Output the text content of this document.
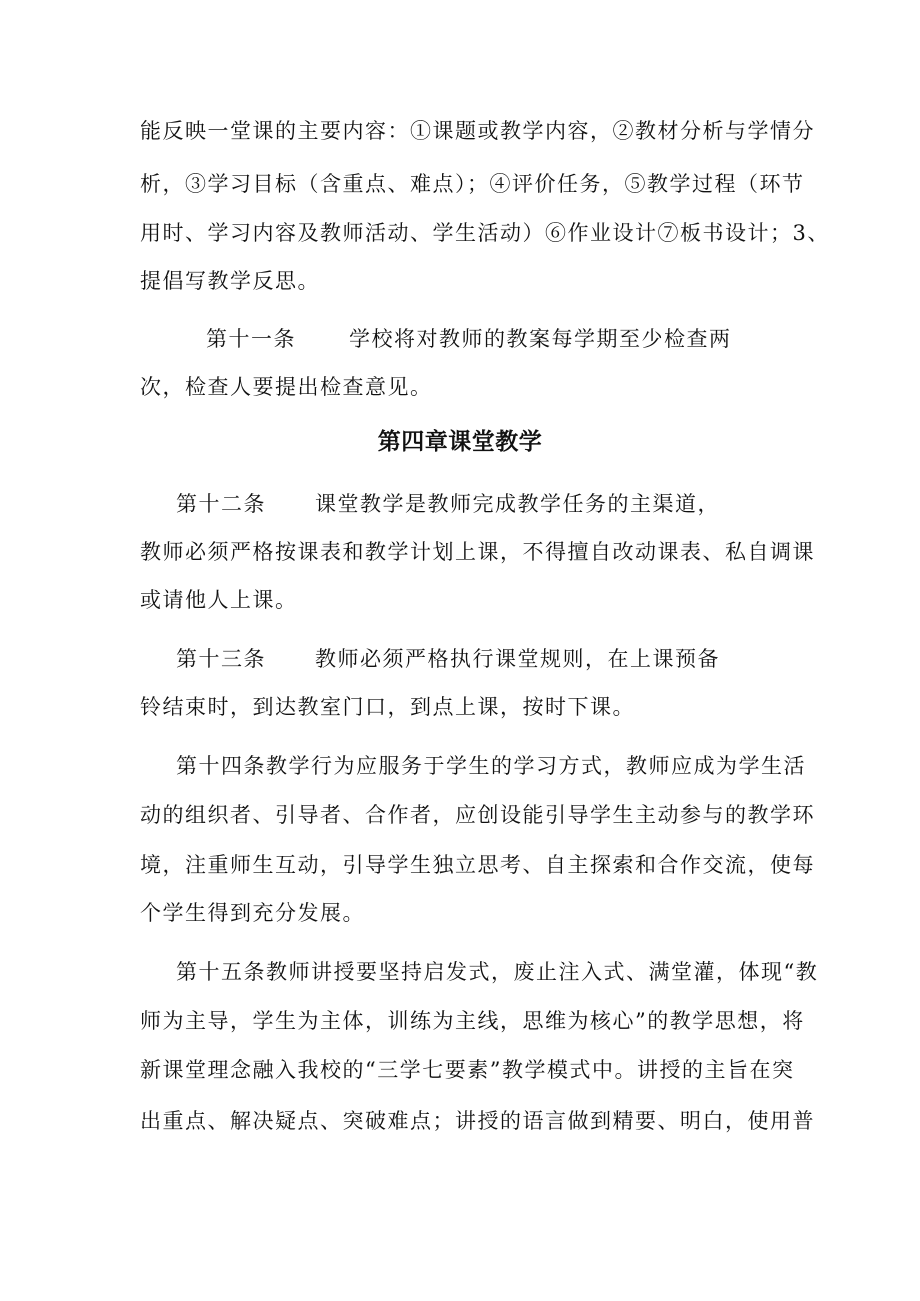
能反映一堂课的主要内容：①课题或教学内容，②教材分析与学情分
析，③学习目标（含重点、难点）；④评价任务，⑤教学过程（环节
用时、学习内容及教师活动、学生活动）⑥作业设计⑦板书设计；3、
提倡写教学反思。
第十一条	学校将对教师的教案每学期至少检查两
次，检查人要提出检查意见。
第四章课堂教学
第十二条 课堂教学是教师完成教学任务的主渠道，
教师必须严格按课表和教学计划上课，不得擅自改动课表、私自调课
或请他人上课。
第十三条 教师必须严格执行课堂规则，在上课预备
铃结束时，到达教室门口，到点上课，按时下课。
第十四条教学行为应服务于学生的学习方式，教师应成为学生活
动的组织者、引导者、合作者，应创设能引导学生主动参与的教学环
境，注重师生互动，引导学生独立思考、自主探索和合作交流，使每
个学生得到充分发展。
第十五条教师讲授要坚持启发式，废止注入式、满堂灌，体现“教
师为主导，学生为主体，训练为主线，思维为核心”的教学思想，将
新课堂理念融入我校的“三学七要素”教学模式中。讲授的主旨在突
出重点、解决疑点、突破难点；讲授的语言做到精要、明白，使用普
